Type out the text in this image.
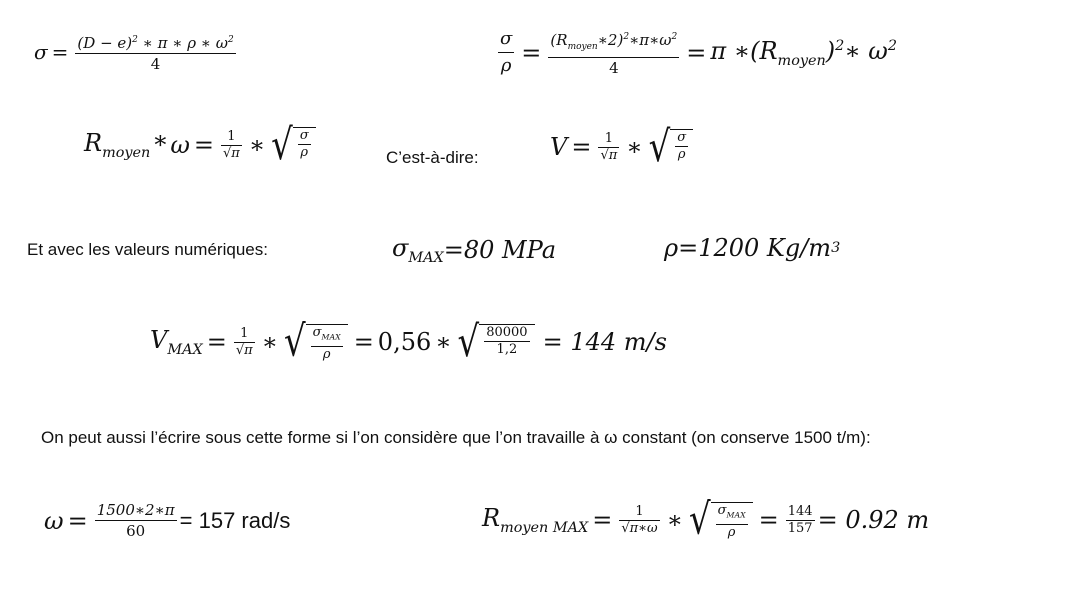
$\sigma = \frac{(D - e)^2 ∗ \pi ∗ \rho ∗ \omega^2}{4}$	$\frac{\sigma}{\rho} = \frac{(R_{moyen}∗2)^2∗\pi∗\omega^2}{4} = \pi$ $∗(R_{moyen})^2∗$ $\omega^2$
$R_{moyen} * \omega = \frac{1}{√\pi}$ ∗ √ $\frac{\sigma}{\rho}$	C’est-à-dire:	$V = \frac{1}{√\pi}$ ∗ √ $\frac{\sigma}{\rho}$
Et avec les valeurs numériques:	$\sigma_{MAX} =80$ MPa	ρ =1200 Kg/m 3
$V_{MAX} = \frac{1}{√\pi}$ ∗ √ $\frac{\sigma_{MAX}}{\rho} = 0,56$ ∗ √ $\frac{80000}{1,2} = 144$ m/s
On peut aussi l’écrire sous cette forme si l’on considère que l’on travaille à ω constant (on conserve 1500 t/m):
$\omega = \frac{1500∗2∗\pi}{60} = 157$ rad/s	$R_{moyen MAX} = \frac{1}{√\pi∗\omega}$ ∗ √ $\frac{\sigma_{MAX}}{\rho} = \frac{144}{157} = 0.92$ m
